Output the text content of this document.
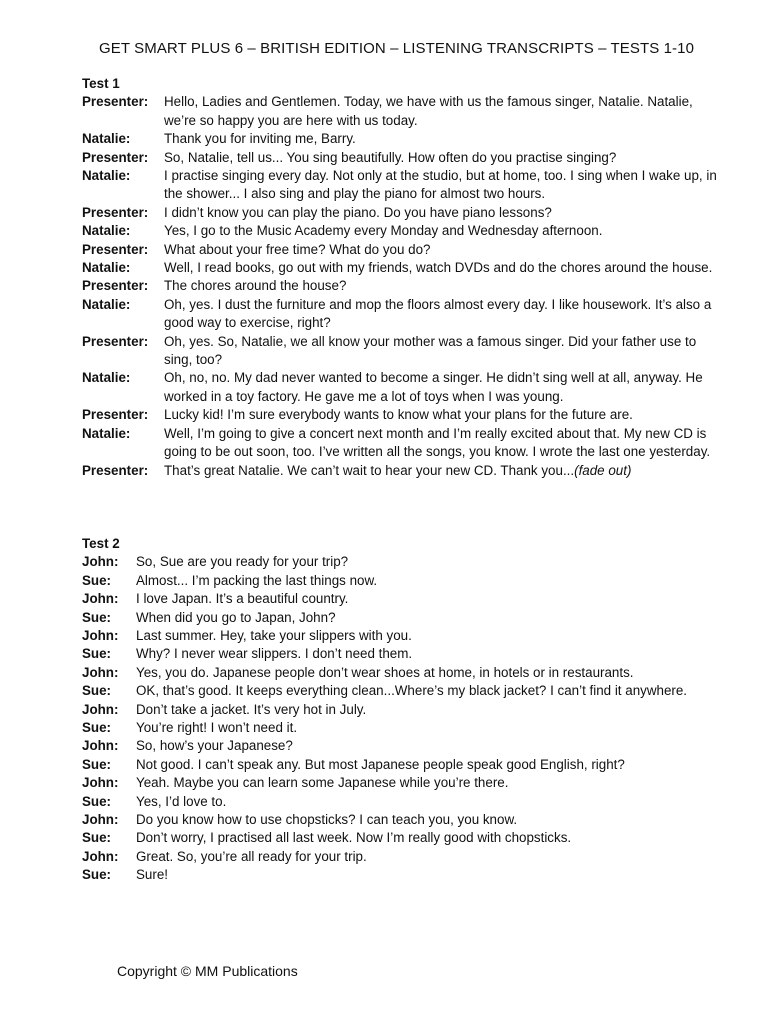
GET SMART PLUS 6 – BRITISH EDITION – LISTENING TRANSCRIPTS – TESTS 1-10
Test 1
Presenter:	Hello, Ladies and Gentlemen. Today, we have with us the famous singer, Natalie. Natalie, we’re so happy you are here with us today.
Natalie:	Thank you for inviting me, Barry.
Presenter:	So, Natalie, tell us... You sing beautifully. How often do you practise singing?
Natalie:	I practise singing every day. Not only at the studio, but at home, too. I sing when I wake up, in the shower... I also sing and play the piano for almost two hours.
Presenter:	I didn’t know you can play the piano. Do you have piano lessons?
Natalie:	Yes, I go to the Music Academy every Monday and Wednesday afternoon.
Presenter:	What about your free time? What do you do?
Natalie:	Well, I read books, go out with my friends, watch DVDs and do the chores around the house.
Presenter:	The chores around the house?
Natalie:	Oh, yes. I dust the furniture and mop the floors almost every day. I like housework. It’s also a good way to exercise, right?
Presenter:	Oh, yes. So, Natalie, we all know your mother was a famous singer. Did your father use to sing, too?
Natalie:	Oh, no, no. My dad never wanted to become a singer. He didn’t sing well at all, anyway. He worked in a toy factory. He gave me a lot of toys when I was young.
Presenter:	Lucky kid! I’m sure everybody wants to know what your plans for the future are.
Natalie:	Well, I’m going to give a concert next month and I’m really excited about that. My new CD is going to be out soon, too. I’ve written all the songs, you know. I wrote the last one yesterday.
Presenter:	That’s great Natalie. We can’t wait to hear your new CD. Thank you...(fade out)
Test 2
John:	So, Sue are you ready for your trip?
Sue:	Almost... I’m packing the last things now.
John:	I love Japan. It’s a beautiful country.
Sue:	When did you go to Japan, John?
John:	Last summer. Hey, take your slippers with you.
Sue:	Why? I never wear slippers. I don’t need them.
John:	Yes, you do. Japanese people don’t wear shoes at home, in hotels or in restaurants.
Sue:	OK, that’s good. It keeps everything clean...Where’s my black jacket? I can’t find it anywhere.
John:	Don’t take a jacket. It’s very hot in July.
Sue:	You’re right! I won’t need it.
John:	So, how’s your Japanese?
Sue:	Not good. I can’t speak any. But most Japanese people speak good English, right?
John:	Yeah. Maybe you can learn some Japanese while you’re there.
Sue:	Yes, I’d love to.
John:	Do you know how to use chopsticks? I can teach you, you know.
Sue:	Don’t worry, I practised all last week. Now I’m really good with chopsticks.
John:	Great. So, you’re all ready for your trip.
Sue:	Sure!
Copyright © MM Publications
